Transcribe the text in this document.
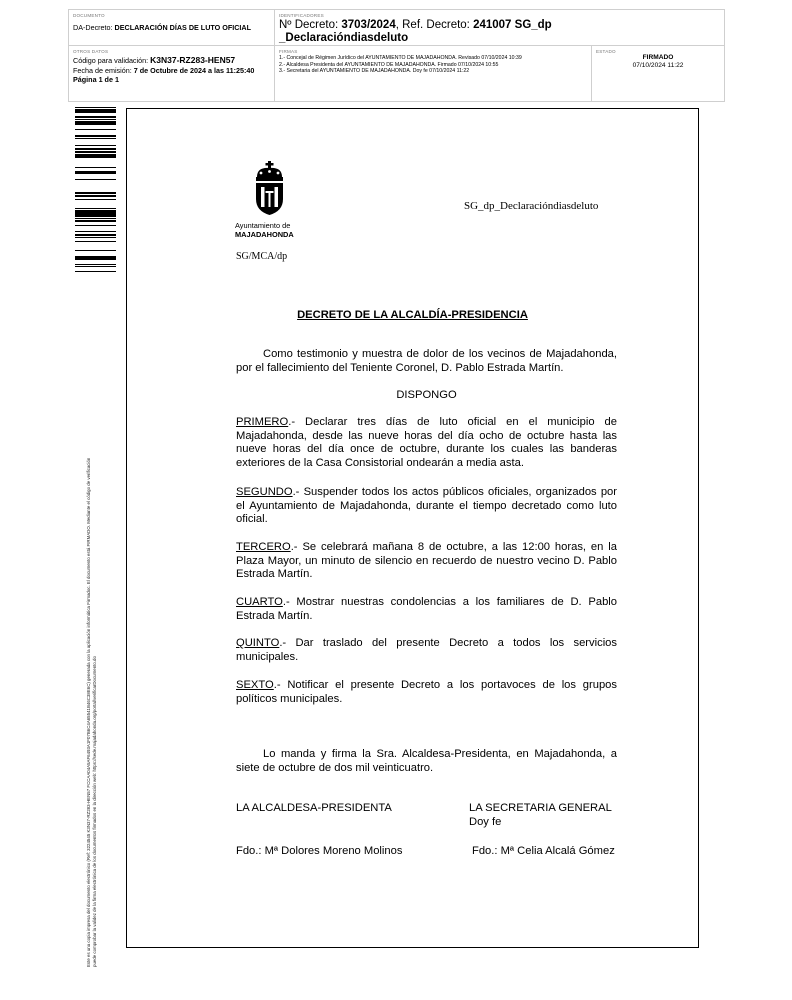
DOCUMENTO
DA-Decreto: DECLARACIÓN DÍAS DE LUTO OFICIAL
IDENTIFICADORES
Nº Decreto: 3703/2024, Ref. Decreto: 241007 SG_dp
_Declaracióndiasdeluto
OTROS DATOS
Código para validación: K3N37-RZ283-HEN57
Fecha de emisión: 7 de Octubre de 2024 a las 11:25:40
Página 1 de 1
FIRMAS
1.- Concejal de Régimen Jurídico del AYUNTAMIENTO DE MAJADAHONDA. Revisado 07/10/2024 10:39
2.- Alcaldesa Presidenta del AYUNTAMIENTO DE MAJADAHONDA. Firmado 07/10/2024 10:55
3.- Secretaria del AYUNTAMIENTO DE MAJADAHONDA. Doy fe 07/10/2024 11:22
ESTADO
FIRMADO
07/10/2024 11:22
Este es una copia impresa del documento electrónico (Ref: 3224545 K3N37-RZ283-HEN57 FCCAA04A5AF6493A1F07B6C4A65541B46C38E6C) generada con la aplicación informática Firmadoc. El documento está FIRMADO. Mediante el código de verificación puede comprobar la validez de la firma electrónica de los documentos firmados en la dirección web: https://sede.majadahonda.org/portal/verificarDocumento.do
Ayuntamiento de
MAJADAHONDA
SG_dp_Declaracióndiasdeluto
SG/MCA/dp
DECRETO DE LA ALCALDÍA-PRESIDENCIA
Como testimonio y muestra de dolor de los vecinos de Majadahonda, por el fallecimiento del Teniente Coronel, D. Pablo Estrada Martín.
DISPONGO
PRIMERO.- Declarar tres días de luto oficial en el municipio de Majadahonda, desde las nueve horas del día ocho de octubre hasta las nueve horas del día once de octubre, durante los cuales las banderas exteriores de la Casa Consistorial ondearán a media asta.
SEGUNDO.- Suspender todos los actos públicos oficiales, organizados por el Ayuntamiento de Majadahonda, durante el tiempo decretado como luto oficial.
TERCERO.- Se celebrará mañana 8 de octubre, a las 12:00 horas, en la Plaza Mayor, un minuto de silencio en recuerdo de nuestro vecino D. Pablo Estrada Martín.
CUARTO.- Mostrar nuestras condolencias a los familiares de D. Pablo Estrada Martín.
QUINTO.- Dar traslado del presente Decreto a todos los servicios municipales.
SEXTO.- Notificar el presente Decreto a los portavoces de los grupos políticos municipales.
Lo manda y firma la Sra. Alcaldesa-Presidenta, en Majadahonda, a siete de octubre de dos mil veinticuatro.
LA ALCALDESA-PRESIDENTA	LA SECRETARIA GENERAL
Doy fe
Fdo.: Mª Dolores Moreno Molinos	Fdo.: Mª Celia Alcalá Gómez
